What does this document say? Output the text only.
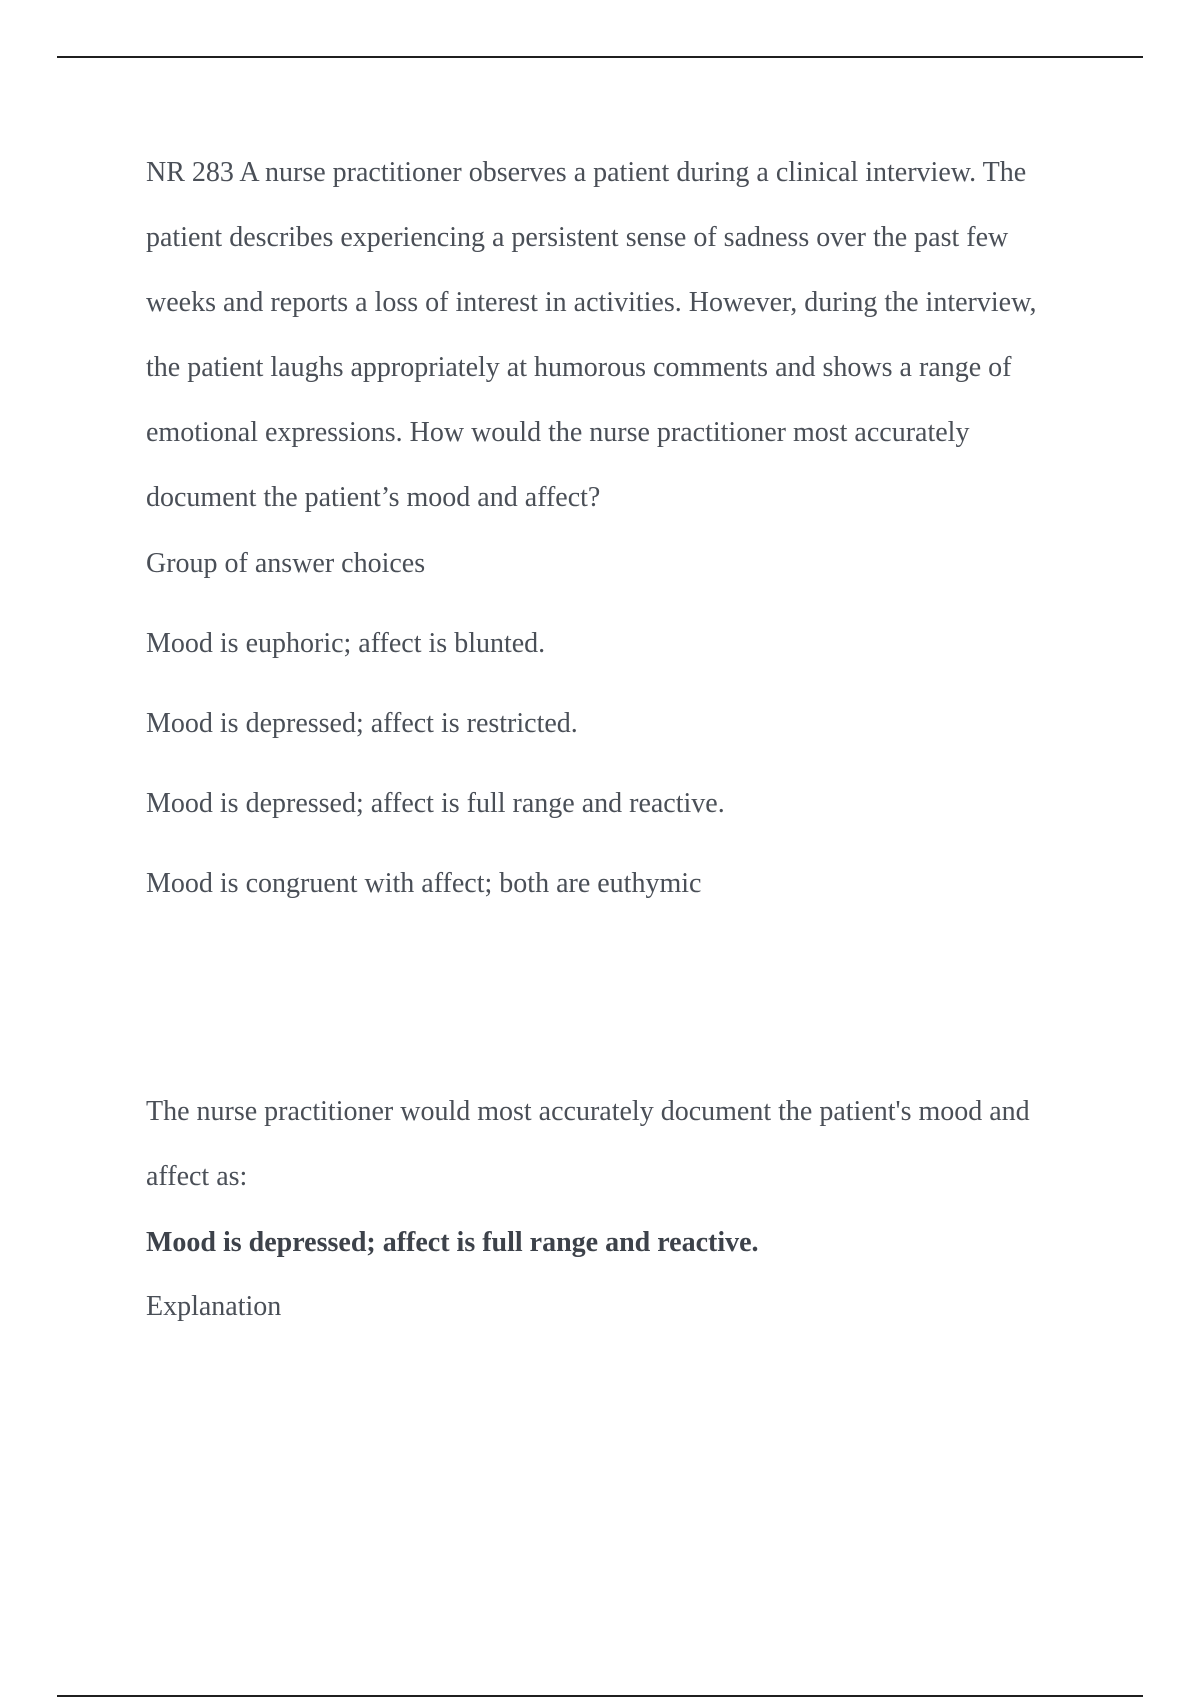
NR 283 A nurse practitioner observes a patient during a clinical interview. The patient describes experiencing a persistent sense of sadness over the past few weeks and reports a loss of interest in activities. However, during the interview, the patient laughs appropriately at humorous comments and shows a range of emotional expressions. How would the nurse practitioner most accurately document the patient’s mood and affect?

Group of answer choices

Mood is euphoric; affect is blunted.
Mood is depressed; affect is restricted.
Mood is depressed; affect is full range and reactive.
Mood is congruent with affect; both are euthymic

The nurse practitioner would most accurately document the patient's mood and affect as:

Mood is depressed; affect is full range and reactive.

Explanation
